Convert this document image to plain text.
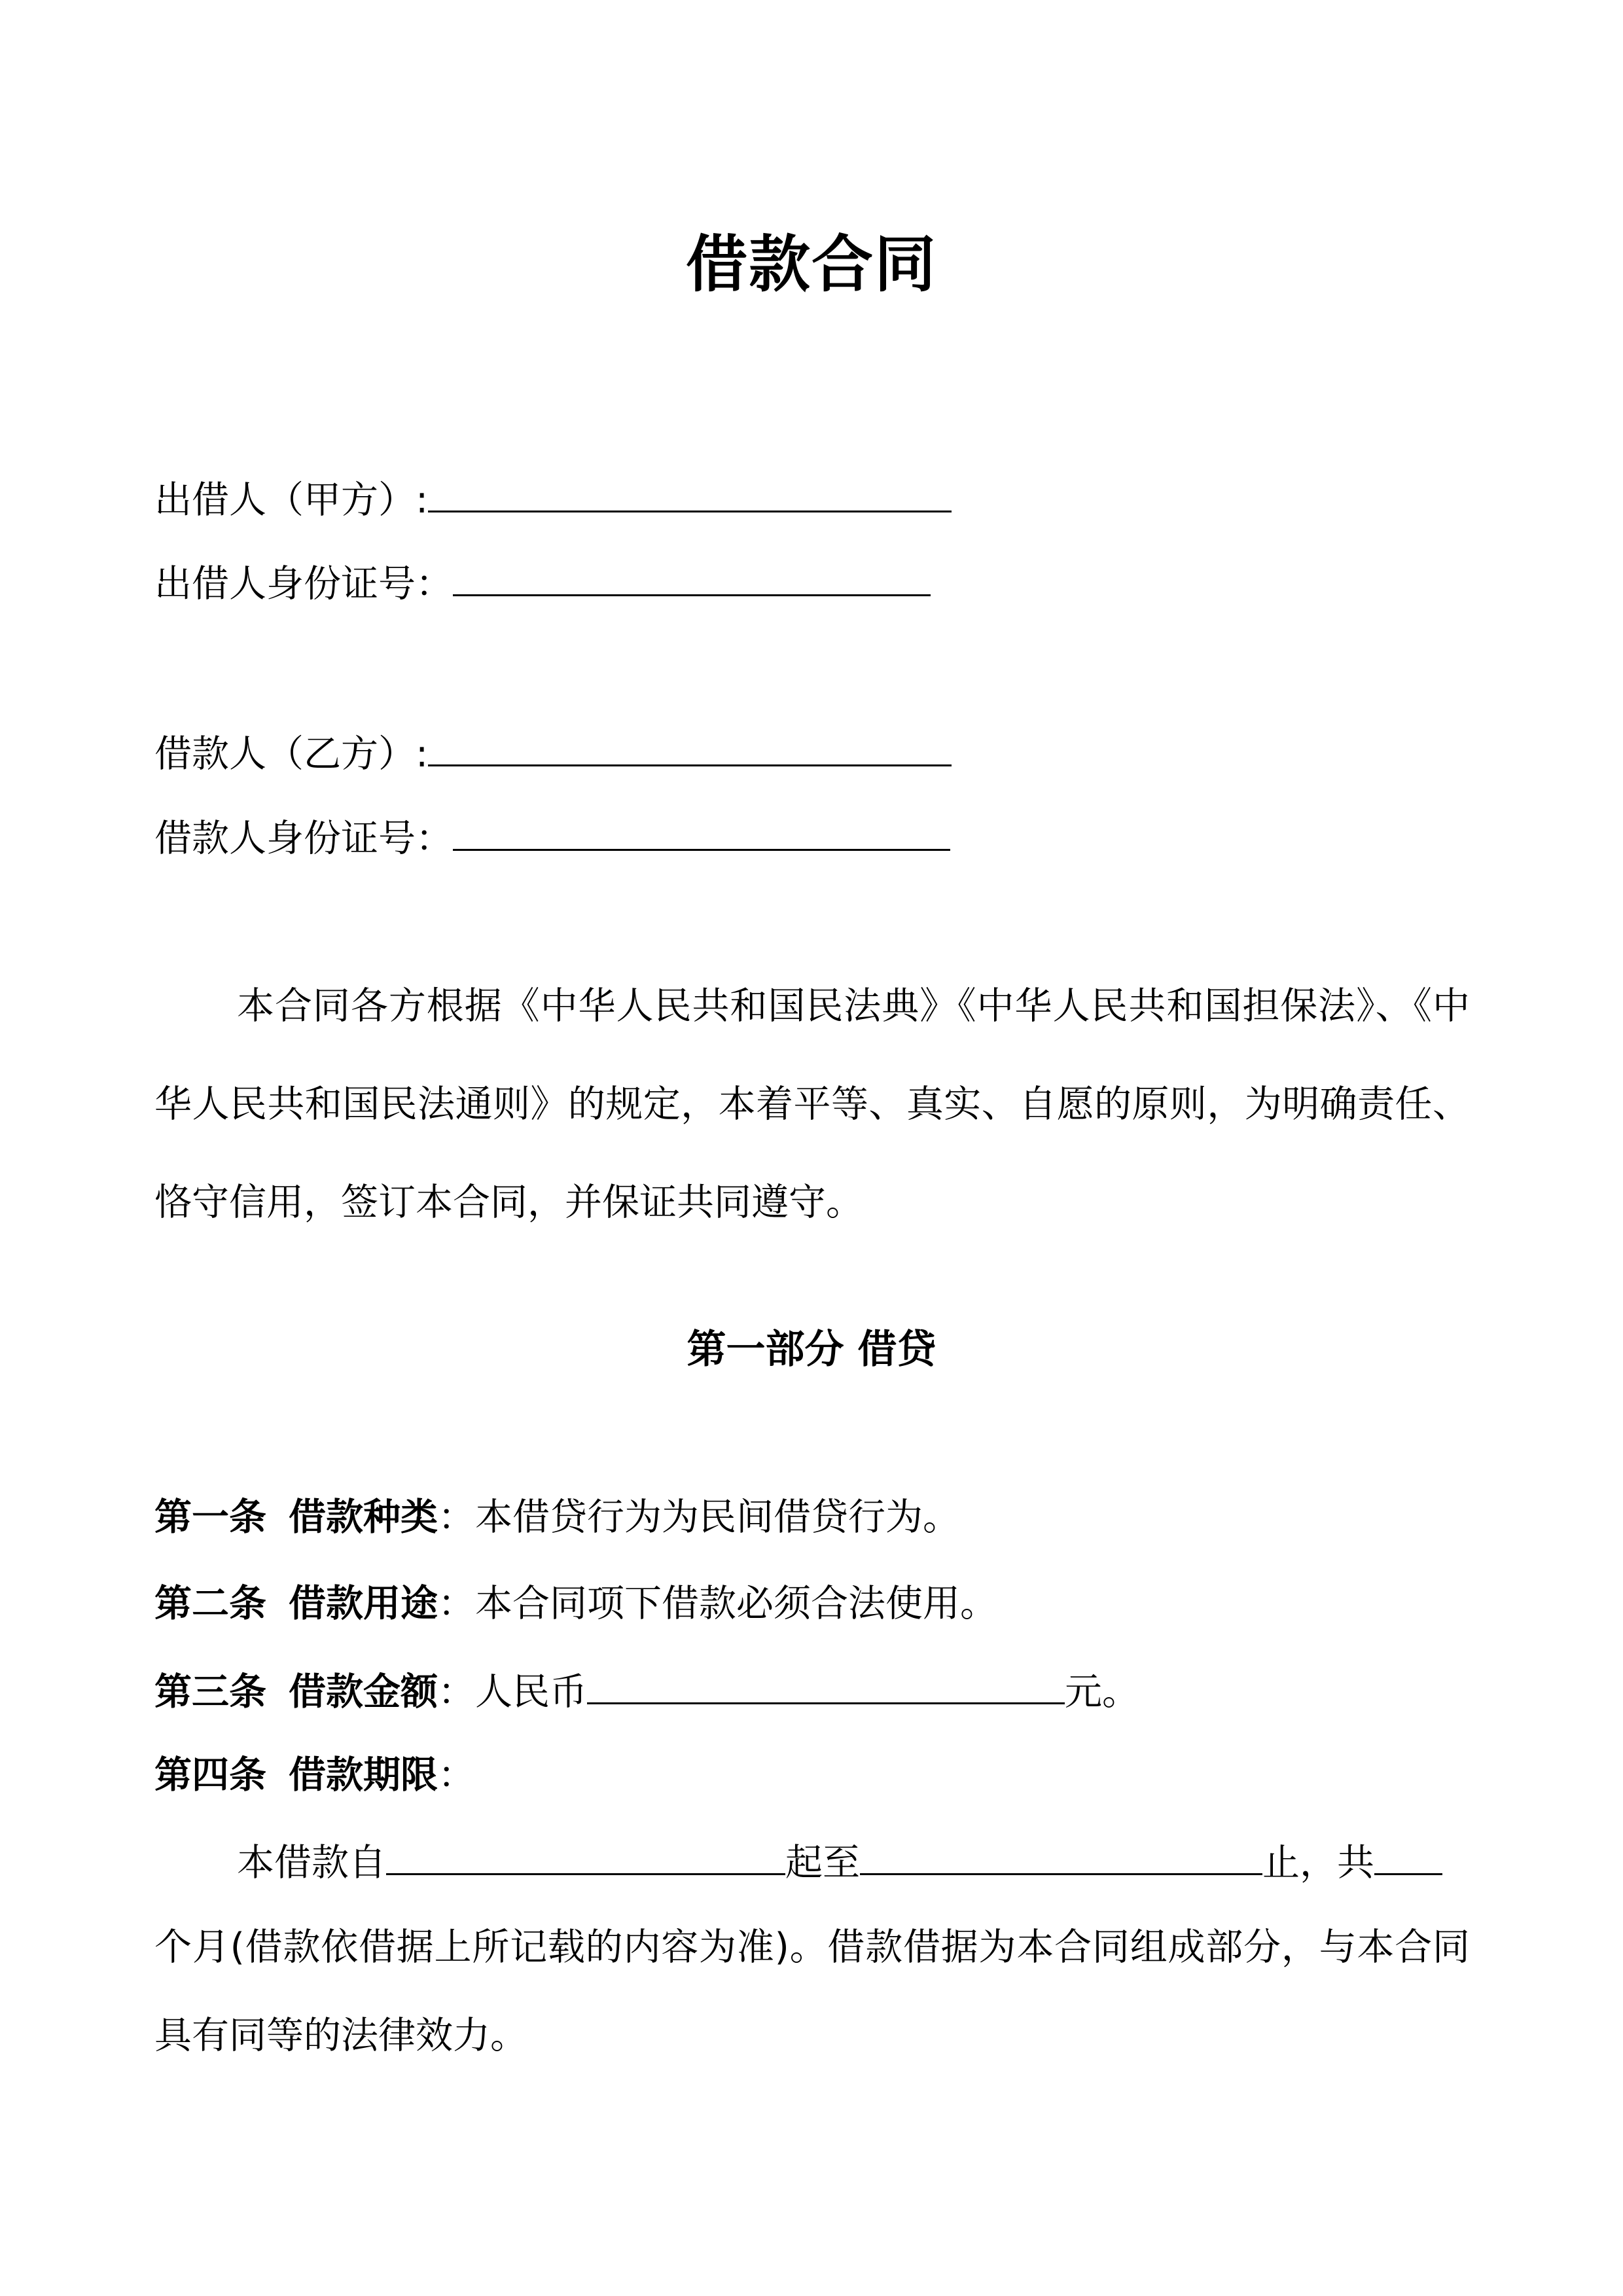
借款合同
出借人（甲方）:
出借人身份证号：
借款人（乙方）:
借款人身份证号：
本合同各方根据《中华人民共和国民法典》《中华人民共和国担保法》、《中华人民共和国民法通则》的规定，本着平等、真实、自愿的原则，为明确责任、恪守信用，签订本合同，并保证共同遵守。
第一部分 借贷
第一条 借款种类：本借贷行为为民间借贷行为。
第二条 借款用途：本合同项下借款必须合法使用。
第三条 借款金额：人民币	元。
第四条 借款期限：
本借款自	起至	止，共
个月(借款依借据上所记载的内容为准)。借款借据为本合同组成部分，与本合同具有同等的法律效力。
